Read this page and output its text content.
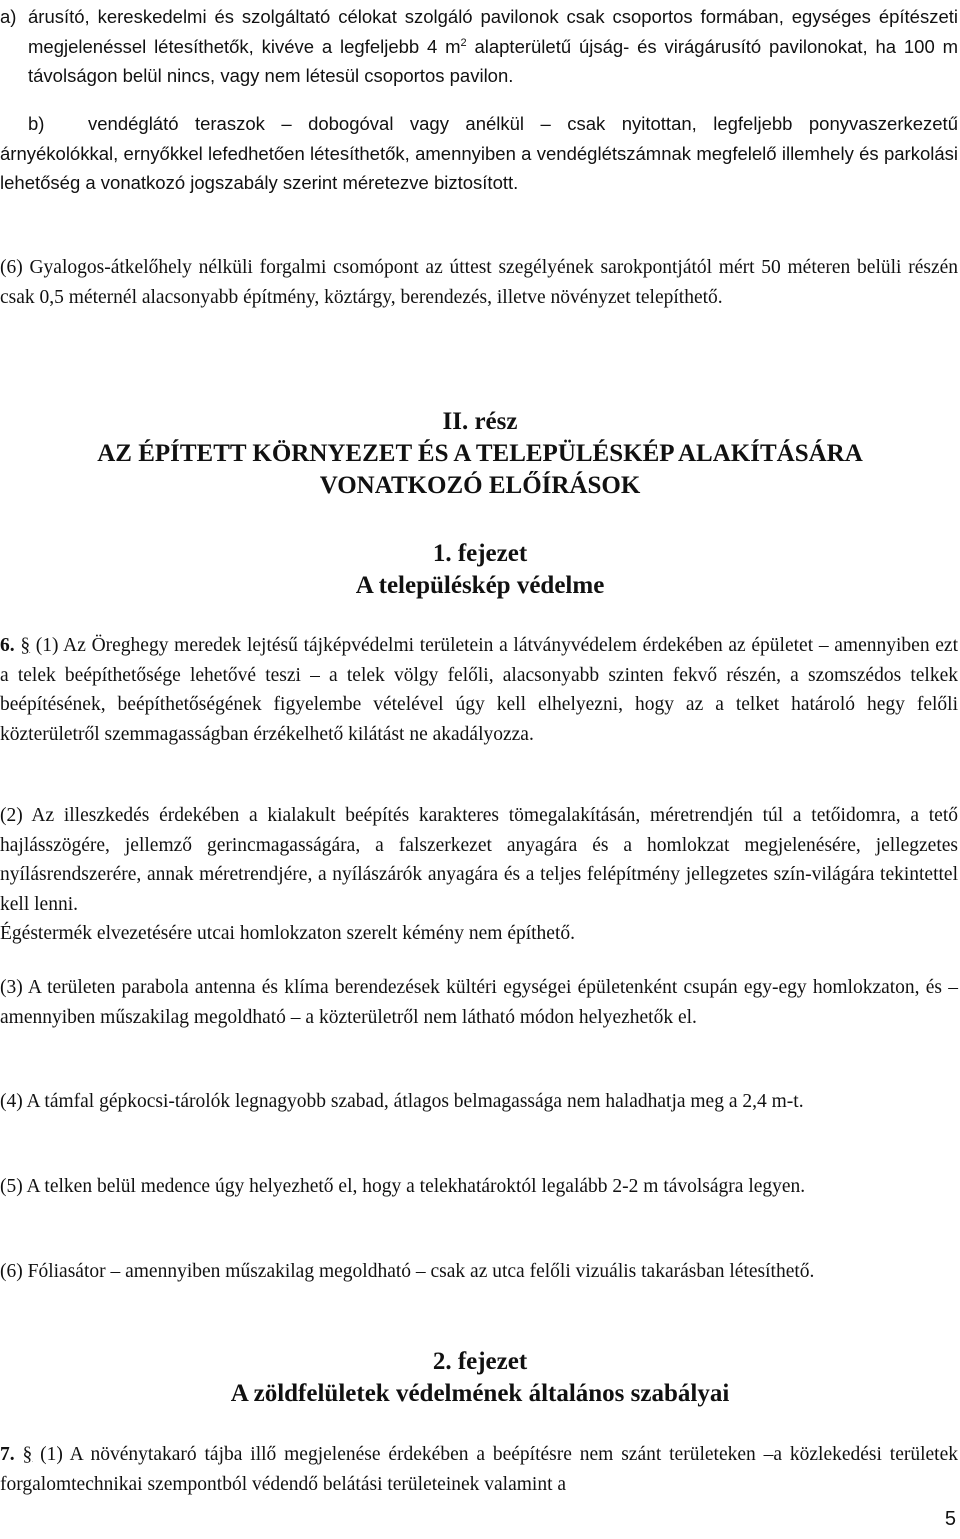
a) árusító, kereskedelmi és szolgáltató célokat szolgáló pavilonok csak csoportos formában, egységes építészeti megjelenéssel létesíthetők, kivéve a legfeljebb 4 $m^2$ alapterületű újság- és virágárusító pavilonokat, ha 100 m távolságon belül nincs, vagy nem létesül csoportos pavilon.
b)	vendéglátó teraszok – dobogóval vagy anélkül – csak nyitottan, legfeljebb ponyvaszerkezetű árnyékolókkal, ernyőkkel lefedhetően létesíthetők, amennyiben a vendéglétszámnak megfelelő illemhely és parkolási lehetőség a vonatkozó jogszabály szerint méretezve biztosított.

(6) Gyalogos-átkelőhely nélküli forgalmi csomópont az úttest szegélyének sarokpontjától mért 50 méteren belüli részén csak 0,5 méternél alacsonyabb építmény, köztárgy, berendezés, illetve növényzet telepíthető.

II. rész
AZ ÉPÍTETT KÖRNYEZET ÉS A TELEPÜLÉSKÉP ALAKÍTÁSÁRA
VONATKOZÓ ELŐÍRÁSOK
1. fejezet
A településkép védelme

6. § (1) Az Öreghegy meredek lejtésű tájképvédelmi területein a látványvédelem érdekében az épületet – amennyiben ezt a telek beépíthetősége lehetővé teszi – a telek völgy felőli, alacsonyabb szinten fekvő részén, a szomszédos telkek beépítésének, beépíthetőségének figyelembe vételével úgy kell elhelyezni, hogy az a telket határoló hegy felőli közterületről szemmagasságban érzékelhető kilátást ne akadályozza.

(2) Az illeszkedés érdekében a kialakult beépítés karakteres tömegalakításán, méretrendjén túl a tetőidomra, a tető hajlásszögére, jellemző gerincmagasságára, a falszerkezet anyagára és a homlokzat megjelenésére, jellegzetes nyílásrendszerére, annak méretrendjére, a nyílászárók anyagára és a teljes felépítmény jellegzetes szín-világára tekintettel kell lenni.
Égéstermék elvezetésére utcai homlokzaton szerelt kémény nem építhető.

(3) A területen parabola antenna és klíma berendezések kültéri egységei épületenként csupán egy-egy homlokzaton, és – amennyiben műszakilag megoldható – a közterületről nem látható módon helyezhetők el.

(4) A támfal gépkocsi-tárolók legnagyobb szabad, átlagos belmagassága nem haladhatja meg a 2,4 m-t.

(5) A telken belül medence úgy helyezhető el, hogy a telekhatároktól legalább 2-2 m távolságra legyen.

(6) Fóliasátor – amennyiben műszakilag megoldható – csak az utca felőli vizuális takarásban létesíthető.

2. fejezet
A zöldfelületek védelmének általános szabályai

7. § (1) A növénytakaró tájba illő megjelenése érdekében a beépítésre nem szánt területeken –a közlekedési területek forgalomtechnikai szempontból védendő belátási területeinek valamint a

5
